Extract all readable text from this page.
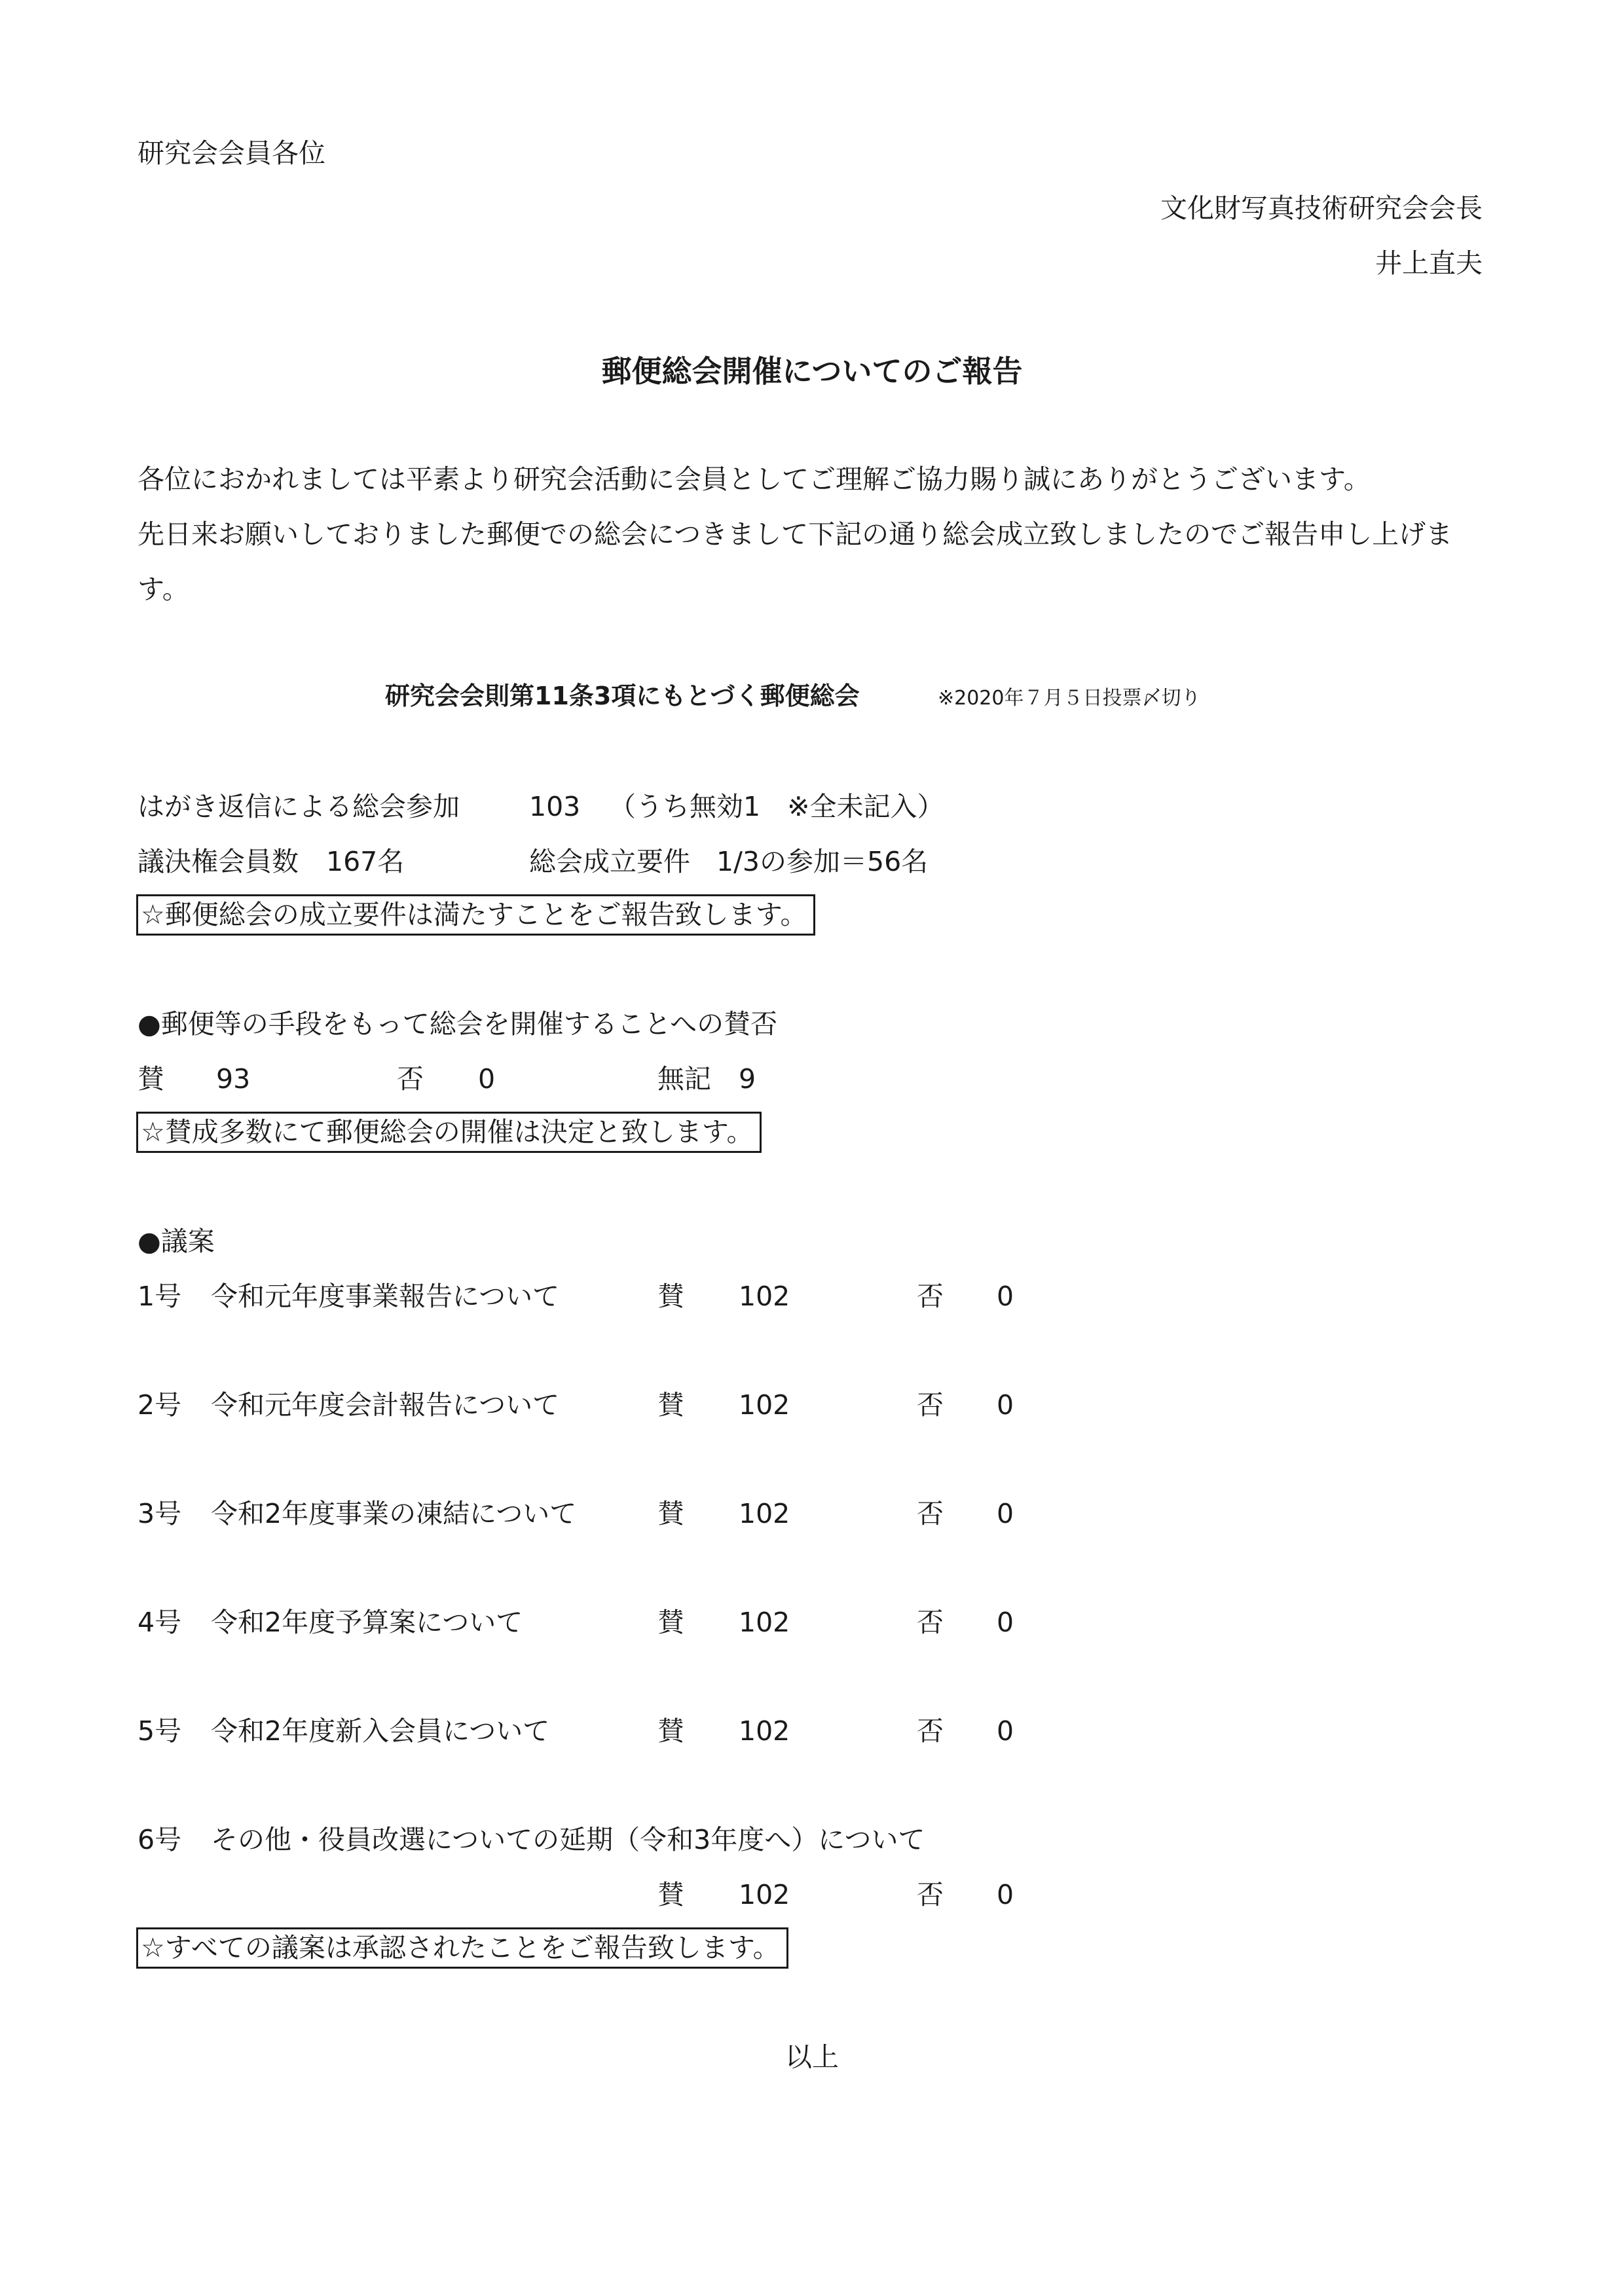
研究会会員各位
文化財写真技術研究会会長
井上直夫
郵便総会開催についてのご報告
各位におかれましては平素より研究会活動に会員としてご理解ご協力賜り誠にありがとうございます。
先日来お願いしておりました郵便での総会につきまして下記の通り総会成立致しましたのでご報告申し上げま
す。
研究会会則第11条3項にもとづく郵便総会	※2020年７月５日投票〆切り
はがき返信による総会参加	103 （うち無効1　※全未記入）
議決権会員数 167名	総会成立要件 1/3の参加＝56名
☆郵便総会の成立要件は満たすことをご報告致します。
●郵便等の手段をもって総会を開催することへの賛否
賛 93	否 0	無記 9
☆賛成多数にて郵便総会の開催は決定と致します。
●議案
1号 令和元年度事業報告について	賛 102	否 0
2号 令和元年度会計報告について	賛 102	否 0
3号 令和2年度事業の凍結について	賛 102	否 0
4号 令和2年度予算案について	賛 102	否 0
5号 令和2年度新入会員について	賛 102	否 0
6号 その他・役員改選についての延期（令和3年度へ）について
賛 102	否 0
☆すべての議案は承認されたことをご報告致します。
以上
